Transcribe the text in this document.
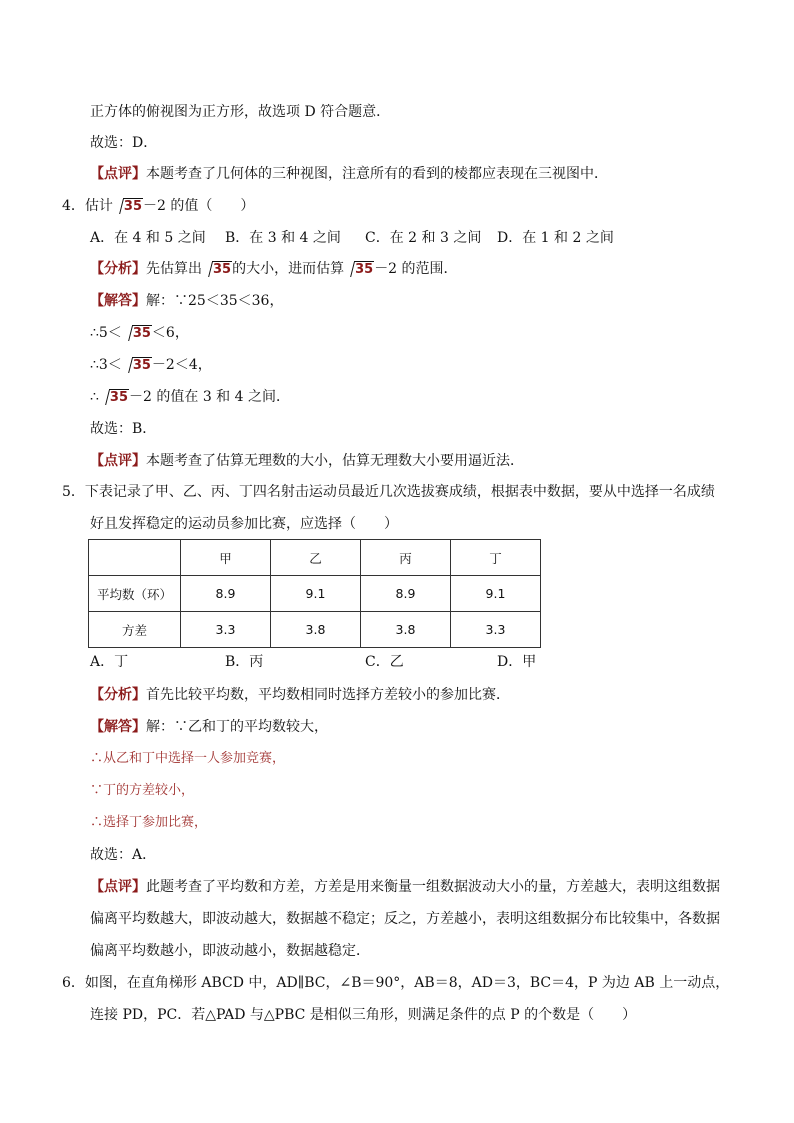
正方体的俯视图为正方形，故选项 D 符合题意．
故选：D．
【点评】本题考查了几何体的三种视图，注意所有的看到的棱都应表现在三视图中．
4．估计 35－2 的值（　　）
A．在 4 和 5 之间 B．在 3 和 4 之间 C．在 2 和 3 之间 D．在 1 和 2 之间
【分析】先估算出 35的大小，进而估算 35－2 的范围．
【解答】解：∵25＜35＜36，
∴5＜ 35＜6，
∴3＜ 35－2＜4，
∴ 35－2 的值在 3 和 4 之间．
故选：B．
【点评】本题考查了估算无理数的大小，估算无理数大小要用逼近法．
5．下表记录了甲、乙、丙、丁四名射击运动员最近几次选拔赛成绩，根据表中数据，要从中选择一名成绩
好且发挥稳定的运动员参加比赛，应选择（　　）
	甲	乙	丙	丁
平均数（环）	8.9	9.1	8.9	9.1
方差	3.3	3.8	3.8	3.3
A．丁	B．丙	C．乙	D．甲
【分析】首先比较平均数，平均数相同时选择方差较小的参加比赛．
【解答】解：∵乙和丁的平均数较大，
∴从乙和丁中选择一人参加竞赛，
∵丁的方差较小，
∴选择丁参加比赛，
故选：A．
【点评】此题考查了平均数和方差，方差是用来衡量一组数据波动大小的量，方差越大，表明这组数据
偏离平均数越大，即波动越大，数据越不稳定；反之，方差越小，表明这组数据分布比较集中，各数据
偏离平均数越小，即波动越小，数据越稳定．
6．如图，在直角梯形 ABCD 中，AD∥BC，∠B＝90°，AB＝8，AD＝3，BC＝4，P 为边 AB 上一动点，
连接 PD，PC．若△PAD 与△PBC 是相似三角形，则满足条件的点 P 的个数是（　　）
